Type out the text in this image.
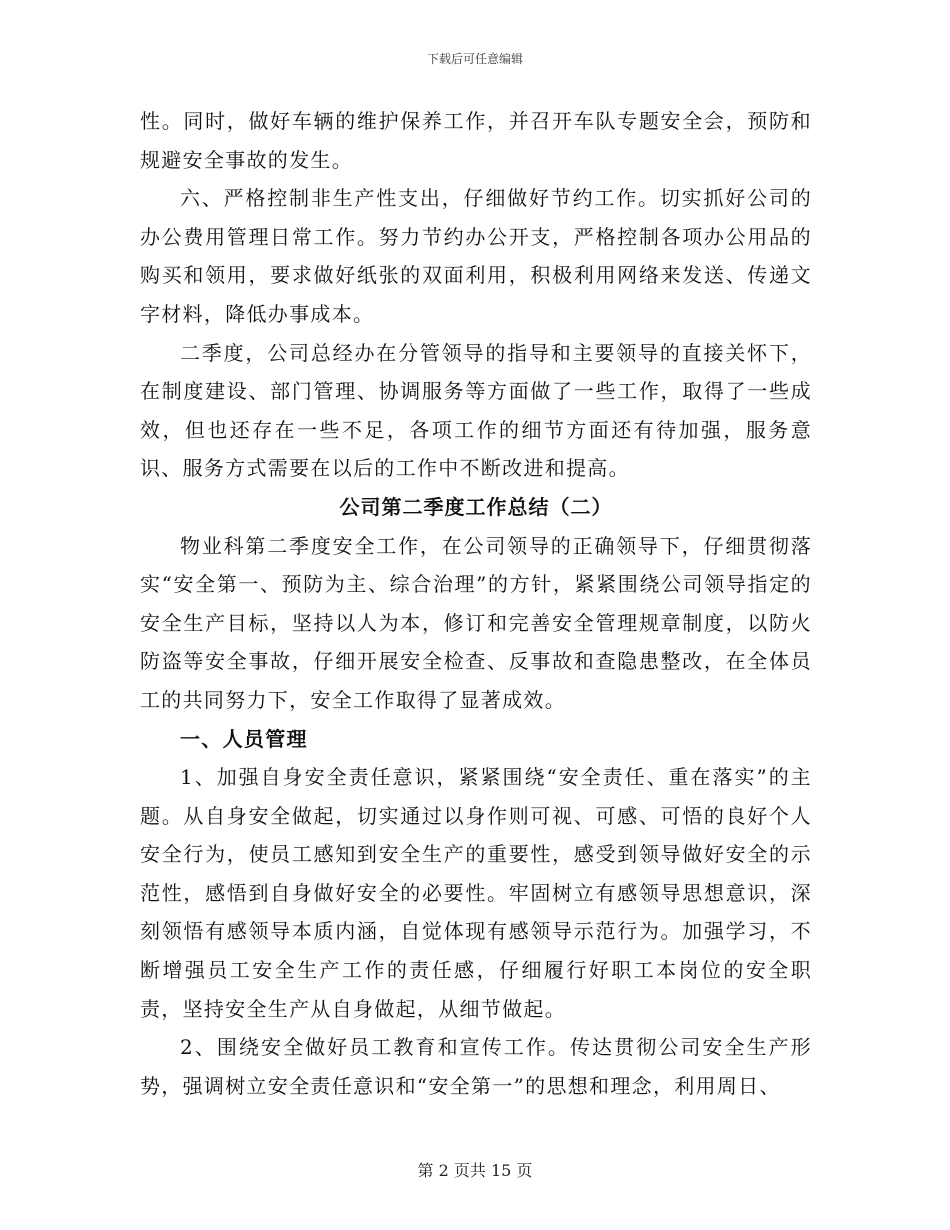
下载后可任意编辑

性。同时，做好车辆的维护保养工作，并召开车队专题安全会，预防和规避安全事故的发生。

六、严格控制非生产性支出，仔细做好节约工作。切实抓好公司的办公费用管理日常工作。努力节约办公开支，严格控制各项办公用品的购买和领用，要求做好纸张的双面利用，积极利用网络来发送、传递文字材料，降低办事成本。

二季度，公司总经办在分管领导的指导和主要领导的直接关怀下，在制度建设、部门管理、协调服务等方面做了一些工作，取得了一些成效，但也还存在一些不足，各项工作的细节方面还有待加强，服务意识、服务方式需要在以后的工作中不断改进和提高。

公司第二季度工作总结（二）

物业科第二季度安全工作，在公司领导的正确领导下，仔细贯彻落实“安全第一、预防为主、综合治理”的方针，紧紧围绕公司领导指定的安全生产目标，坚持以人为本，修订和完善安全管理规章制度，以防火防盗等安全事故，仔细开展安全检查、反事故和查隐患整改，在全体员工的共同努力下，安全工作取得了显著成效。

一、人员管理

1、加强自身安全责任意识，紧紧围绕“安全责任、重在落实”的主题。从自身安全做起，切实通过以身作则可视、可感、可悟的良好个人安全行为，使员工感知到安全生产的重要性，感受到领导做好安全的示范性，感悟到自身做好安全的必要性。牢固树立有感领导思想意识，深刻领悟有感领导本质内涵，自觉体现有感领导示范行为。加强学习，不断增强员工安全生产工作的责任感，仔细履行好职工本岗位的安全职责，坚持安全生产从自身做起，从细节做起。

2、围绕安全做好员工教育和宣传工作。传达贯彻公司安全生产形势，强调树立安全责任意识和“安全第一”的思想和理念，利用周日、

第 2 页共 15 页
